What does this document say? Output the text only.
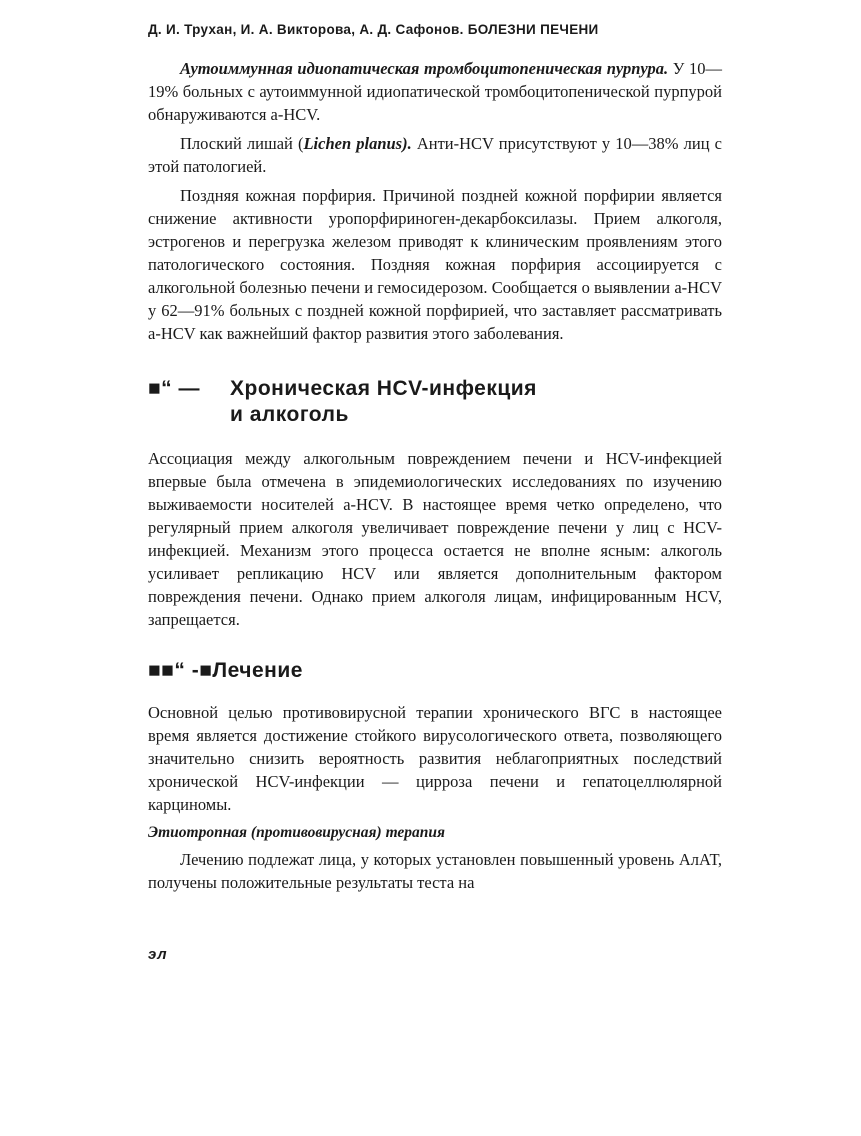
Д. И. Трухан, И. А. Викторова, А. Д. Сафонов. БОЛЕЗНИ ПЕЧЕНИ

Аутоиммунная идиопатическая тромбоцитопеническая пурпура. У 10—19% больных с аутоиммунной идиопатической тромбоцитопенической пурпурой обнаруживаются а-HCV.

Плоский лишай (Lichen planus). Анти-HCV присутствуют у 10—38% лиц с этой патологией.

Поздняя кожная порфирия. Причиной поздней кожной порфирии является снижение активности уропорфириноген-декарбоксилазы. Прием алкоголя, эстрогенов и перегрузка железом приводят к клиническим проявлениям этого патологического состояния. Поздняя кожная порфирия ассоциируется с алкогольной болезнью печени и гемосидерозом. Сообщается о выявлении а-HCV у 62—91% больных с поздней кожной порфирией, что заставляет рассматривать а-HCV как важнейший фактор развития этого заболевания.

■“ —	Хроническая HCV-инфекция
и алкоголь

Ассоциация между алкогольным повреждением печени и HCV-инфекцией впервые была отмечена в эпидемиологических исследованиях по изучению выживаемости носителей a-HCV. В настоящее время четко определено, что регулярный прием алкоголя увеличивает повреждение печени у лиц с HCV-инфекцией. Механизм этого процесса остается не вполне ясным: алкоголь усиливает репликацию HCV или является дополнительным фактором повреждения печени. Однако прием алкоголя лицам, инфицированным HCV, запрещается.

■■“ -■Лечение

Основной целью противовирусной терапии хронического ВГС в настоящее время является достижение стойкого вирусологического ответа, позволяющего значительно снизить вероятность развития неблагоприятных последствий хронической HCV-инфекции — цирроза печени и гепатоцеллюлярной карциномы.

Этиотропная (противовирусная) терапия

Лечению подлежат лица, у которых установлен повышенный уровень АлАТ, получены положительные результаты теста на

эл
